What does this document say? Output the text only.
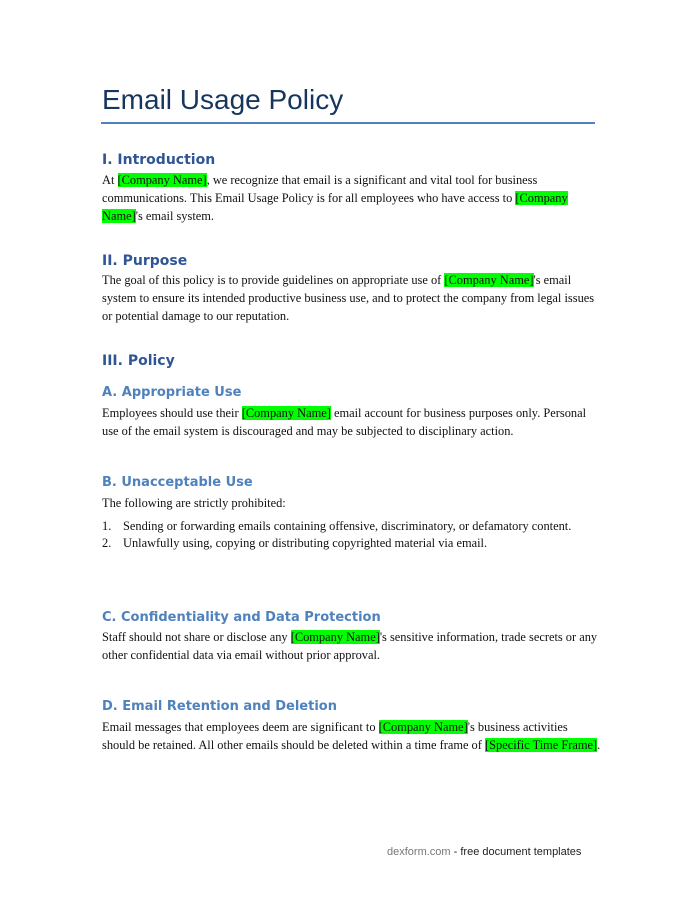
Email Usage Policy
I. Introduction
At [Company Name], we recognize that email is a significant and vital tool for business communications. This Email Usage Policy is for all employees who have access to [Company Name]'s email system.
II. Purpose
The goal of this policy is to provide guidelines on appropriate use of [Company Name]'s email system to ensure its intended productive business use, and to protect the company from legal issues or potential damage to our reputation.
III. Policy
A. Appropriate Use
Employees should use their [Company Name] email account for business purposes only. Personal use of the email system is discouraged and may be subjected to disciplinary action.
B. Unacceptable Use
The following are strictly prohibited:
1. Sending or forwarding emails containing offensive, discriminatory, or defamatory content.
2. Unlawfully using, copying or distributing copyrighted material via email.
C. Confidentiality and Data Protection
Staff should not share or disclose any [Company Name]'s sensitive information, trade secrets or any other confidential data via email without prior approval.
D. Email Retention and Deletion
Email messages that employees deem are significant to [Company Name]'s business activities should be retained. All other emails should be deleted within a time frame of [Specific Time Frame].
dexform.com - free document templates
